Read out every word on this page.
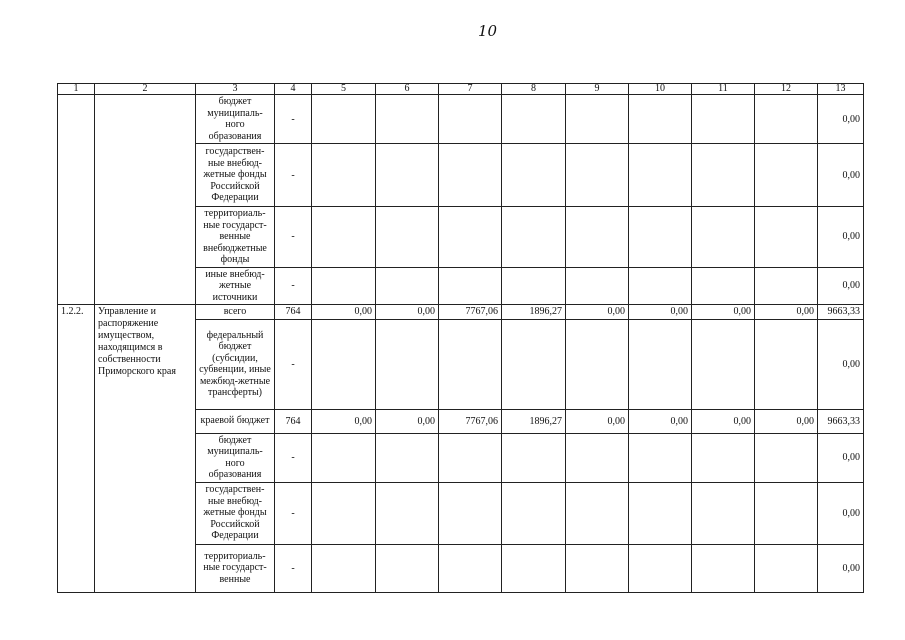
10
1	2	3	4	5	6	7	8	9	10	11	12	13
		бюджет муниципаль-ного образования	-									0,00
		государствен-ные внебюд-жетные фонды Российской Федерации	-									0,00
		территориаль-ные государст-венные внебюджетные фонды	-									0,00
		иные внебюд-жетные источники	-									0,00
1.2.2.	Управление и распоряжение имуществом, находящимся в собственности Приморского края	всего	764	0,00	0,00	7767,06	1896,27	0,00	0,00	0,00	0,00	9663,33
		федеральный бюджет (субсидии, субвенции, иные межбюд-жетные трансферты)	-									0,00
		краевой бюджет	764	0,00	0,00	7767,06	1896,27	0,00	0,00	0,00	0,00	9663,33
		бюджет муниципаль-ного образования	-									0,00
		государствен-ные внебюд-жетные фонды Российской Федерации	-									0,00
		территориаль-ные государст-венные	-									0,00
